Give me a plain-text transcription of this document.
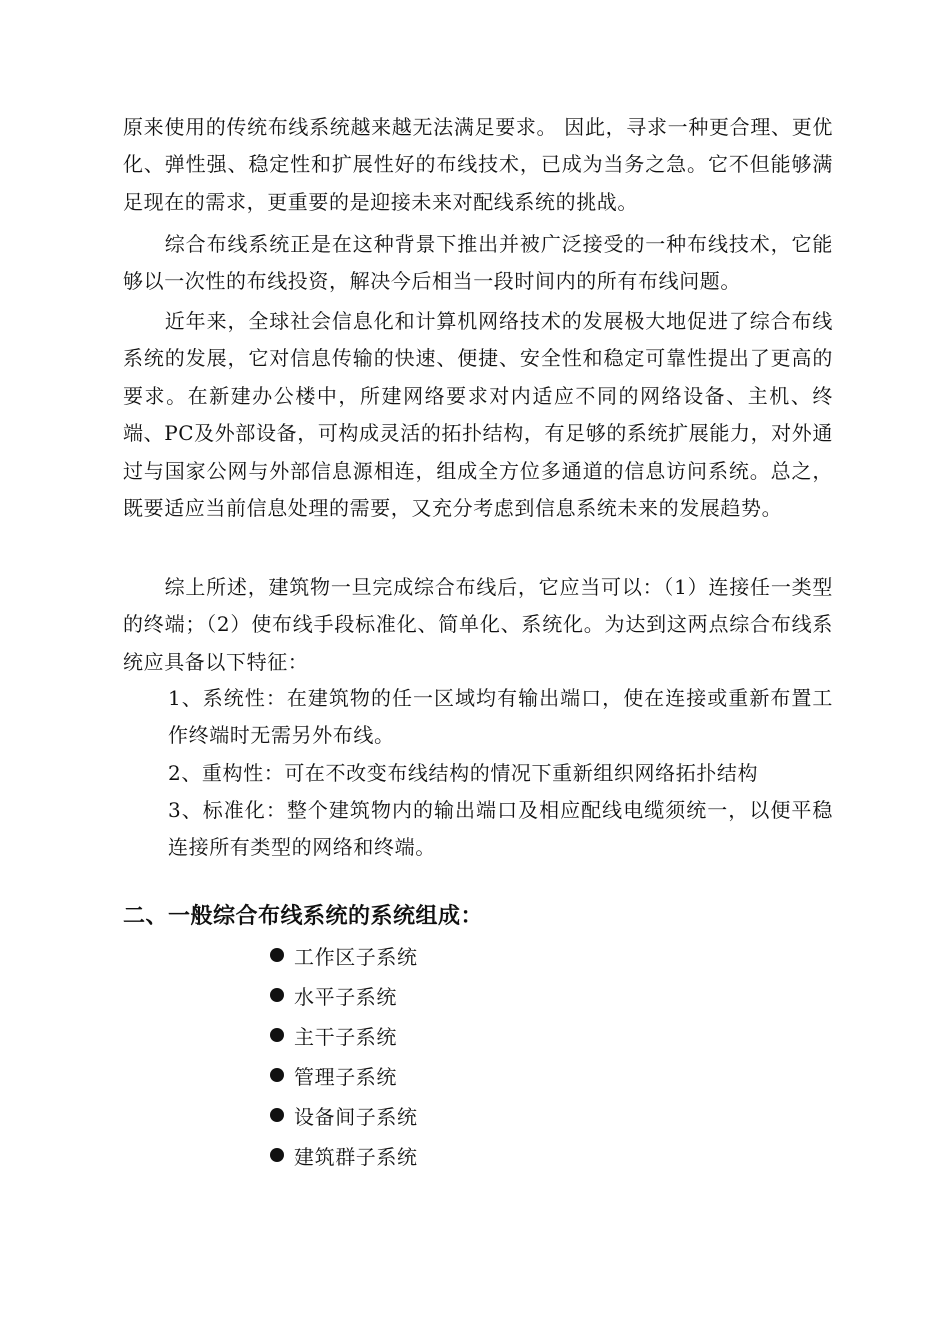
原来使用的传统布线系统越来越无法满足要求。 因此，寻求一种更合理、更优化、弹性强、稳定性和扩展性好的布线技术，已成为当务之急。它不但能够满足现在的需求，更重要的是迎接未来对配线系统的挑战。

　　综合布线系统正是在这种背景下推出并被广泛接受的一种布线技术，它能够以一次性的布线投资，解决今后相当一段时间内的所有布线问题。

　　近年来，全球社会信息化和计算机网络技术的发展极大地促进了综合布线系统的发展，它对信息传输的快速、便捷、安全性和稳定可靠性提出了更高的要求。在新建办公楼中，所建网络要求对内适应不同的网络设备、主机、终端、PC及外部设备，可构成灵活的拓扑结构，有足够的系统扩展能力，对外通过与国家公网与外部信息源相连，组成全方位多通道的信息访问系统。总之，既要适应当前信息处理的需要，又充分考虑到信息系统未来的发展趋势。

　　综上所述，建筑物一旦完成综合布线后，它应当可以：（1）连接任一类型的终端；（2）使布线手段标准化、简单化、系统化。为达到这两点综合布线系统应具备以下特征：

1、系统性：在建筑物的任一区域均有输出端口，使在连接或重新布置工作终端时无需另外布线。

2、重构性：可在不改变布线结构的情况下重新组织网络拓扑结构

3、标准化：整个建筑物内的输出端口及相应配线电缆须统一，以便平稳连接所有类型的网络和终端。

二、一般综合布线系统的系统组成：
工作区子系统
水平子系统
主干子系统
管理子系统
设备间子系统
建筑群子系统
